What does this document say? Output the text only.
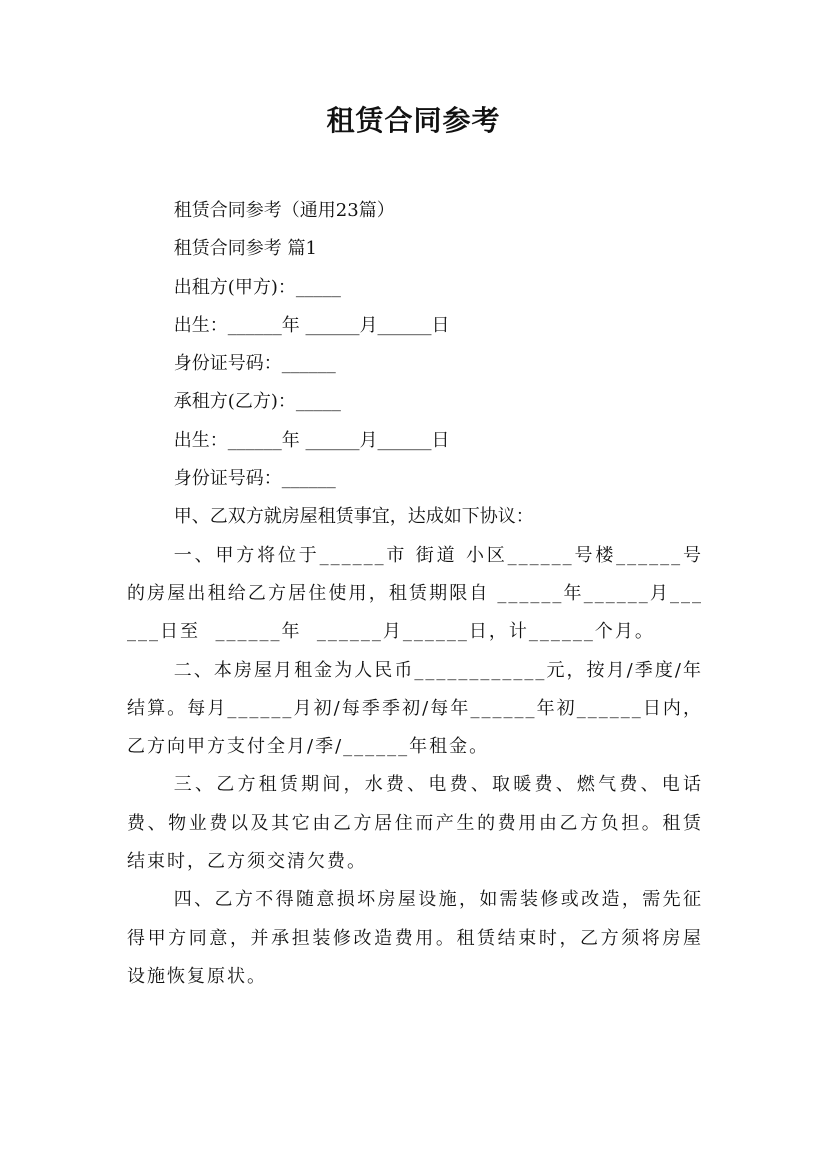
租赁合同参考

租赁合同参考（通用23篇）

租赁合同参考 篇1

出租方(甲方)：_____

出生：______年 ______月______日

身份证号码：______

承租方(乙方)：_____

出生：______年 ______月______日

身份证号码：______

甲、乙双方就房屋租赁事宜，达成如下协议：

一、甲方将位于______市 街道 小区______号楼______号的房屋出租给乙方居住使用，租赁期限自 ______年______月______日至  ______年  ______月______日，计______个月。

二、本房屋月租金为人民币____________元，按月/季度/年结算。每月______月初/每季季初/每年______年初______日内，乙方向甲方支付全月/季/______年租金。

三、乙方租赁期间，水费、电费、取暖费、燃气费、电话费、物业费以及其它由乙方居住而产生的费用由乙方负担。租赁结束时，乙方须交清欠费。

四、乙方不得随意损坏房屋设施，如需装修或改造，需先征得甲方同意，并承担装修改造费用。租赁结束时，乙方须将房屋设施恢复原状。
